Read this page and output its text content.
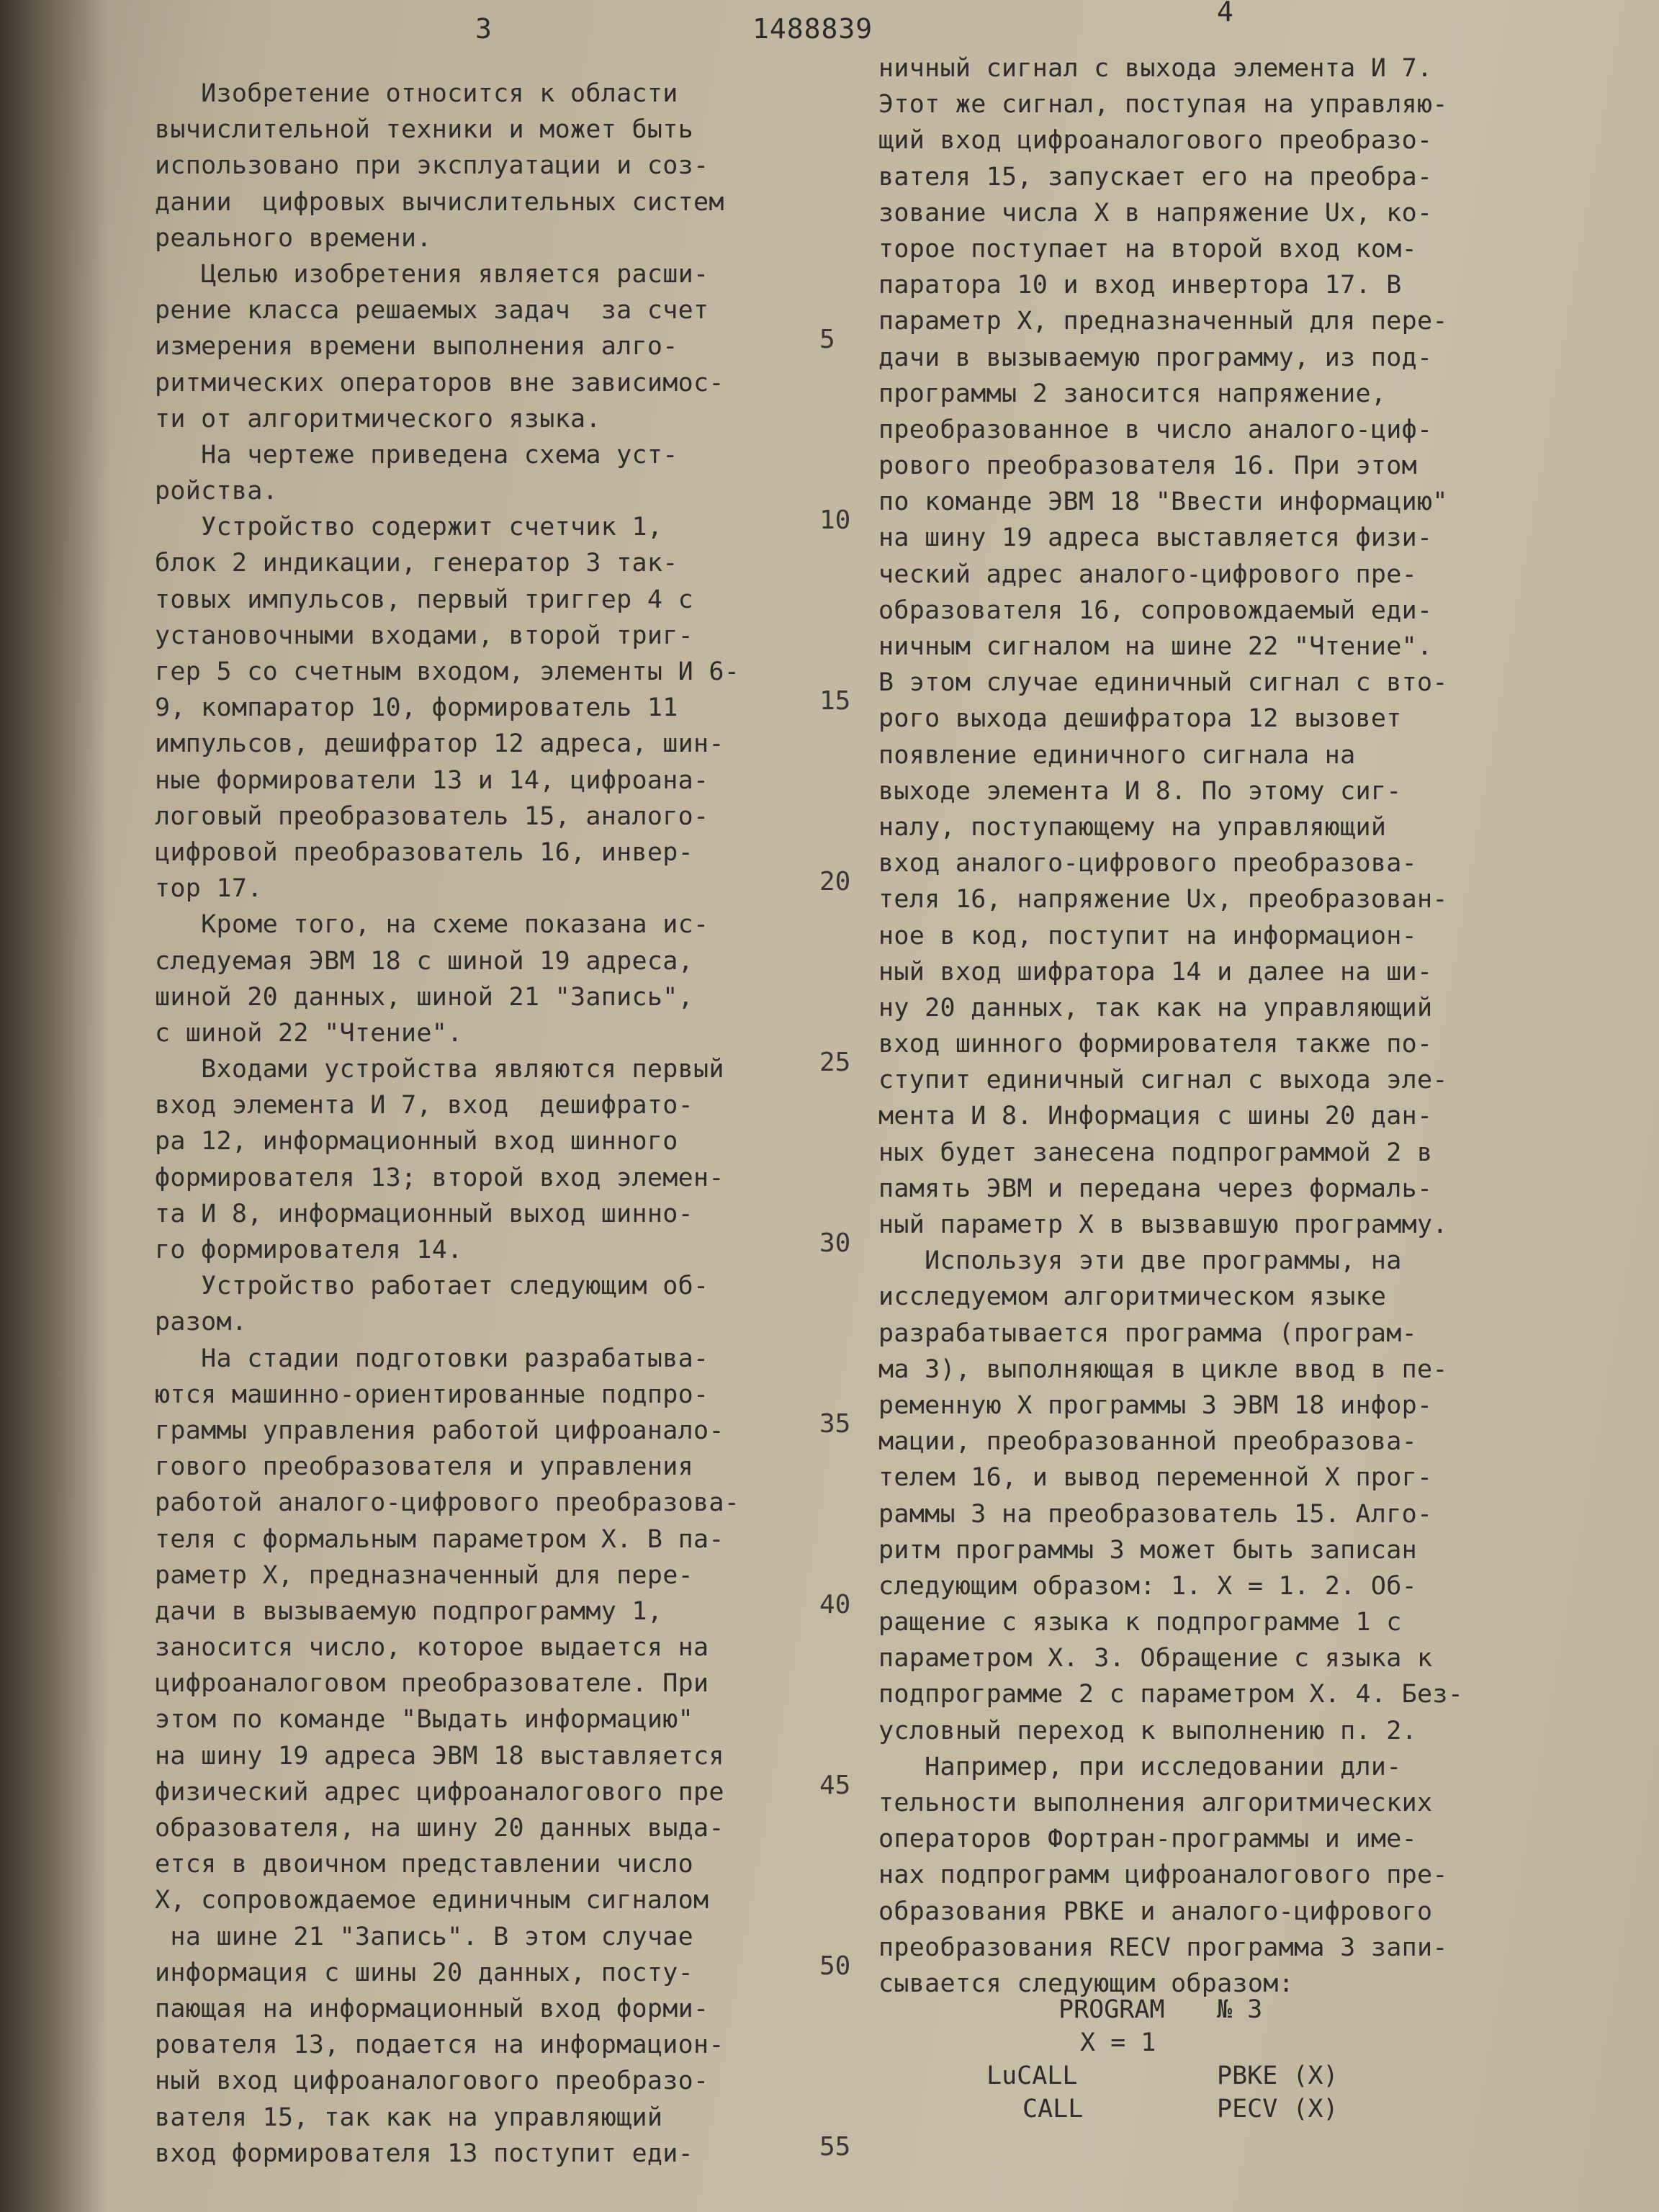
3	1488839
4
Изобретение относится к области
вычислительной техники и может быть
использовано при эксплуатации и соз-
дании  цифровых вычислительных систем
реального времени.
Целью изобретения является расши-
рение класса решаемых задач  за счет
измерения времени выполнения алго-
ритмических операторов вне зависимос-
ти от алгоритмического языка.
На чертеже приведена схема уст-
ройства.
Устройство содержит счетчик 1,
блок 2 индикации, генератор 3 так-
товых импульсов, первый триггер 4 с
установочными входами, второй триг-
гер 5 со счетным входом, элементы И 6-
9, компаратор 10, формирователь 11
импульсов, дешифратор 12 адреса, шин-
ные формирователи 13 и 14, цифроана-
логовый преобразователь 15, аналого-
цифровой преобразователь 16, инвер-
тор 17.
Кроме того, на схеме показана ис-
следуемая ЭВМ 18 с шиной 19 адреса,
шиной 20 данных, шиной 21 "Запись",
с шиной 22 "Чтение".
Входами устройства являются первый
вход элемента И 7, вход  дешифрато-
ра 12, информационный вход шинного
формирователя 13; второй вход элемен-
та И 8, информационный выход шинно-
го формирователя 14.
Устройство работает следующим об-
разом.
На стадии подготовки разрабатыва-
ются машинно-ориентированные подпро-
граммы управления работой цифроанало-
гового преобразователя и управления
работой аналого-цифрового преобразова-
теля с формальным параметром X. В па-
раметр X, предназначенный для пере-
дачи в вызываемую подпрограмму 1,
заносится число, которое выдается на
цифроаналоговом преобразователе. При
этом по команде "Выдать информацию"
на шину 19 адреса ЭВМ 18 выставляется
физический адрес цифроаналогового пре
образователя, на шину 20 данных выда-
ется в двоичном представлении число
X, сопровождаемое единичным сигналом
на шине 21 "Запись". В этом случае
информация с шины 20 данных, посту-
пающая на информационный вход форми-
рователя 13, подается на информацион-
ный вход цифроаналогового преобразо-
вателя 15, так как на управляющий
вход формирователя 13 поступит еди-
ничный сигнал с выхода элемента И 7.
Этот же сигнал, поступая на управляю-
щий вход цифроаналогового преобразо-
вателя 15, запускает его на преобра-
зование числа X в напряжение Ux, ко-
торое поступает на второй вход ком-
паратора 10 и вход инвертора 17. В
параметр X, предназначенный для пере-
дачи в вызываемую программу, из под-
программы 2 заносится напряжение,
преобразованное в число аналого-циф-
рового преобразователя 16. При этом
по команде ЭВМ 18 "Ввести информацию"
на шину 19 адреса выставляется физи-
ческий адрес аналого-цифрового пре-
образователя 16, сопровождаемый еди-
ничным сигналом на шине 22 "Чтение".
В этом случае единичный сигнал с вто-
рого выхода дешифратора 12 вызовет
появление единичного сигнала на
выходе элемента И 8. По этому сиг-
налу, поступающему на управляющий
вход аналого-цифрового преобразова-
теля 16, напряжение Ux, преобразован-
ное в код, поступит на информацион-
ный вход шифратора 14 и далее на ши-
ну 20 данных, так как на управляющий
вход шинного формирователя также по-
ступит единичный сигнал с выхода эле-
мента И 8. Информация с шины 20 дан-
ных будет занесена подпрограммой 2 в
память ЭВМ и передана через формаль-
ный параметр X в вызвавшую программу.
Используя эти две программы, на
исследуемом алгоритмическом языке
разрабатывается программа (програм-
ма 3), выполняющая в цикле ввод в пе-
ременную X программы 3 ЭВМ 18 инфор-
мации, преобразованной преобразова-
телем 16, и вывод переменной X прог-
раммы 3 на преобразователь 15. Алго-
ритм программы 3 может быть записан
следующим образом: 1. X = 1. 2. Об-
ращение с языка к подпрограмме 1 с
параметром X. 3. Обращение с языка к
подпрограмме 2 с параметром X. 4. Без-
условный переход к выполнению п. 2.
Например, при исследовании дли-
тельности выполнения алгоритмических
операторов Фортран-программы и име-
нах подпрограмм цифроаналогового пре-
образования PBKE и аналого-цифрового
преобразования RECV программа 3 запи-
сывается следующим образом:
5
10
15
20
25
30
35
40
45
50
55
PROGRAM № 3
X = 1
LuCALL	PBKE (X)
CALL	PECV (X)
